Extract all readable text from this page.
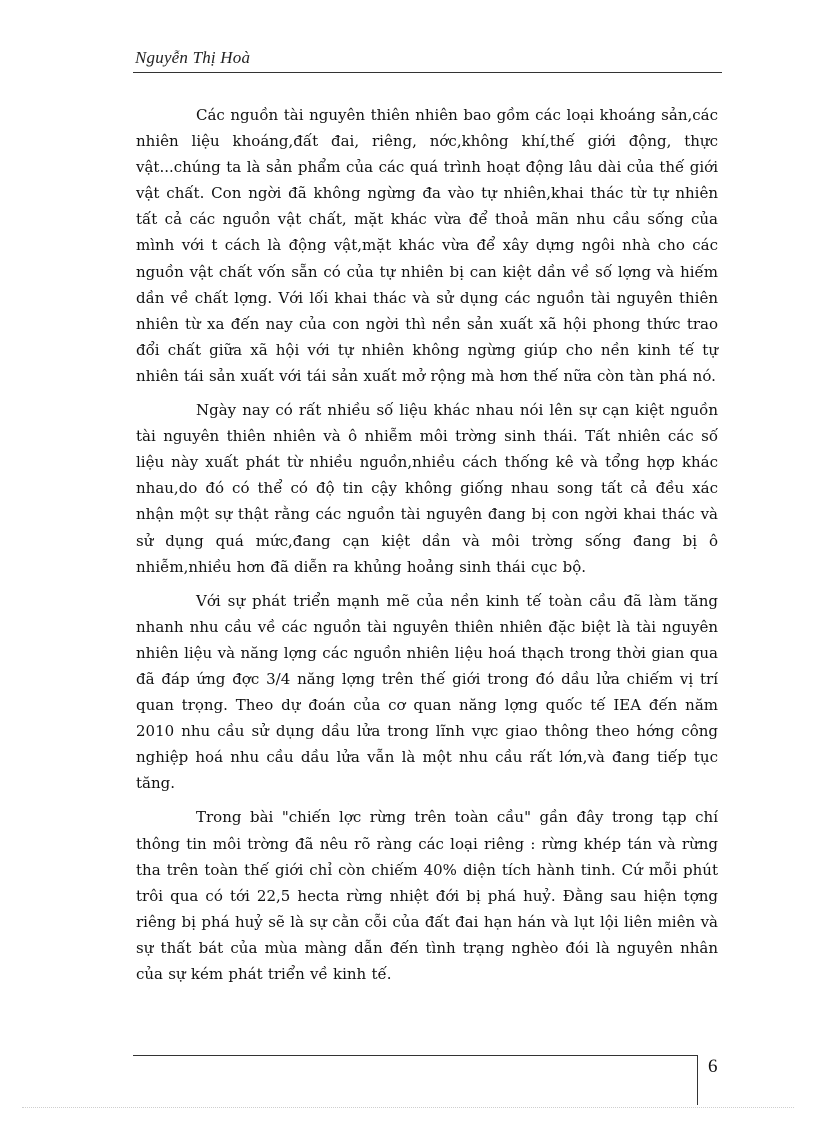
Nguyễn Thị Hoà

Các nguồn tài nguyên thiên nhiên bao gồm các loại khoáng sản,các nhiên liệu khoáng,đất đai, riêng, nớc,không khí,thế giới động, thực vật...chúng ta là sản phẩm của các quá trình hoạt động lâu dài của thế giới vật chất. Con ngời đã không ngừng đa vào tự nhiên,khai thác từ tự nhiên tất cả các nguồn vật chất, mặt khác vừa để thoả mãn nhu cầu sống của mình với t cách là động vật,mặt khác vừa để xây dựng ngôi nhà cho các nguồn vật chất vốn sẵn có của tự nhiên bị can kiệt dần về số lợng và hiếm dần về chất lợng. Với lối khai thác và sử dụng các nguồn tài nguyên thiên nhiên từ xa đến nay của con ngời thì nền sản xuất xã hội phong thức trao đổi chất giữa xã hội với tự nhiên không ngừng giúp cho nền kinh tế tự nhiên tái sản xuất với tái sản xuất mở rộng mà hơn thế nữa còn tàn phá nó.

Ngày nay có rất nhiều số liệu khác nhau nói lên sự cạn kiệt nguồn tài nguyên thiên nhiên và ô nhiễm môi trờng sinh thái. Tất nhiên các số liệu này xuất phát từ nhiều nguồn,nhiều cách thống kê và tổng hợp khác nhau,do đó có thể có độ tin cậy không giống nhau song tất cả đều xác nhận một sự thật rằng các nguồn tài nguyên đang bị con ngời khai thác và sử dụng quá mức,đang cạn kiệt dần và môi trờng sống đang bị ô nhiễm,nhiều hơn đã diễn ra khủng hoảng sinh thái cục bộ.

Với sự phát triển mạnh mẽ của nền kinh tế toàn cầu đã làm tăng nhanh nhu cầu về các nguồn tài nguyên thiên nhiên đặc biệt là tài nguyên nhiên liệu và năng lợng các nguồn nhiên liệu hoá thạch trong thời gian qua đã đáp ứng đợc 3/4 năng lợng trên thế giới trong đó dầu lửa chiếm vị trí quan trọng. Theo dự đoán của cơ quan năng lợng quốc tế IEA đến năm 2010 nhu cầu sử dụng dầu lửa trong lĩnh vực giao thông theo hớng công nghiệp hoá nhu cầu dầu lửa vẫn là một nhu cầu rất lớn,và đang tiếp tục tăng.

Trong bài "chiến lợc rừng trên toàn cầu" gần đây trong tạp chí thông tin môi trờng đã nêu rõ ràng các loại riêng : rừng khép tán và rừng tha trên toàn thế giới chỉ còn chiếm 40% diện tích hành tinh. Cứ mỗi phút trôi qua có tới 22,5 hecta rừng nhiệt đới bị phá huỷ. Đằng sau hiện tợng riêng bị phá huỷ sẽ là sự cằn cỗi của đất đai hạn hán và lụt lội liên miên và sự thất bát của mùa màng dẫn đến tình trạng nghèo đói là nguyên nhân của sự kém phát triển về kinh tế.

6
